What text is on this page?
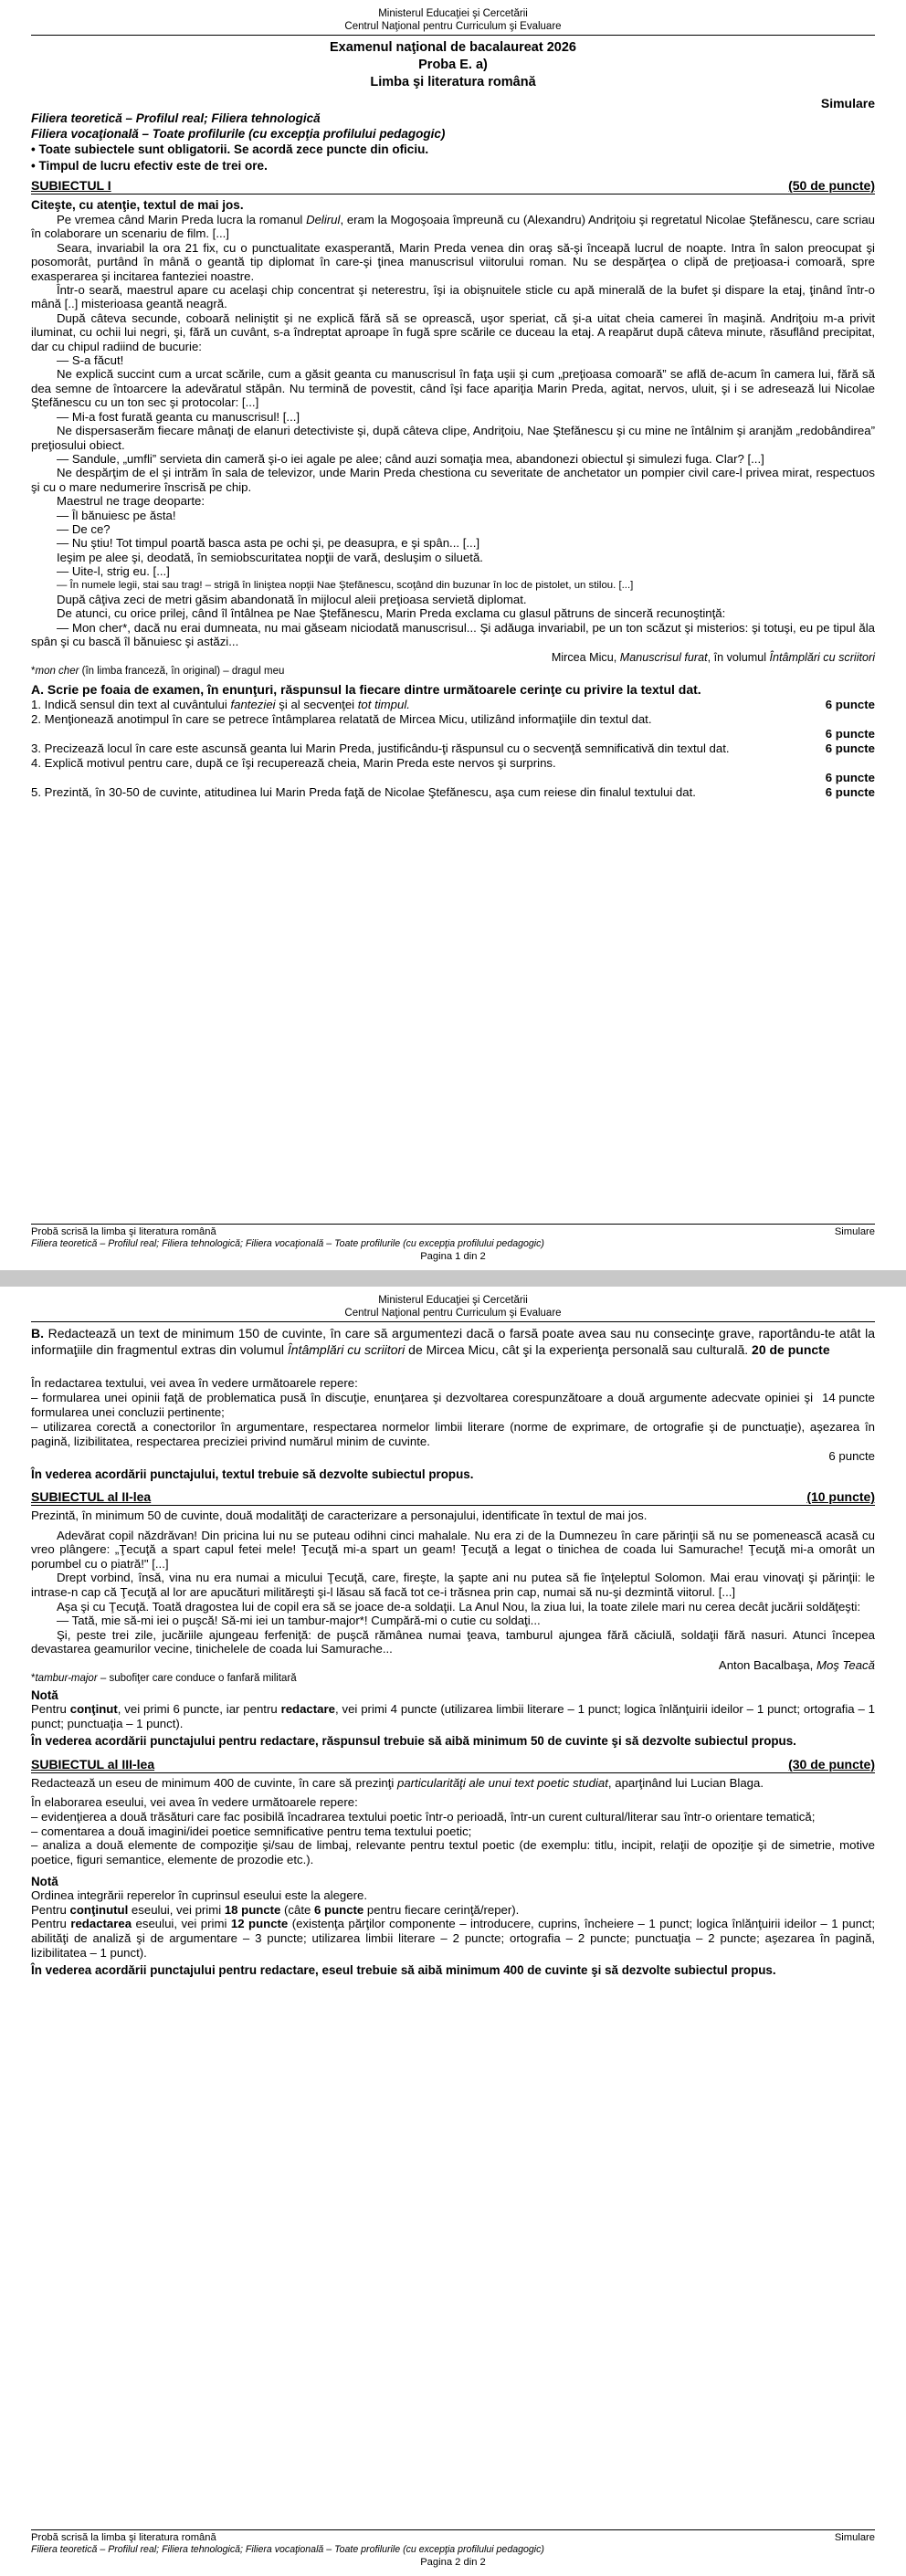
Ministerul Educaţiei şi Cercetării
Centrul Naţional pentru Curriculum şi Evaluare
Examenul naţional de bacalaureat 2026
Proba E. a)
Limba şi literatura română
Simulare
Filiera teoretică – Profilul real; Filiera tehnologică
Filiera vocaţională – Toate profilurile (cu excepţia profilului pedagogic)
• Toate subiectele sunt obligatorii. Se acordă zece puncte din oficiu.
• Timpul de lucru efectiv este de trei ore.
SUBIECTUL I	(50 de puncte)
Citeşte, cu atenţie, textul de mai jos.

Pe vremea când Marin Preda lucra la romanul Delirul, eram la Mogoşoaia împreună cu (Alexandru) Andriţoiu şi regretatul Nicolae Ştefănescu, care scriau în colaborare un scenariu de film. [...]

Seara, invariabil la ora 21 fix, cu o punctualitate exasperantă, Marin Preda venea din oraş să-şi înceapă lucrul de noapte. Intra în salon preocupat şi posomorât, purtând în mână o geantă tip diplomat în care-şi ţinea manuscrisul viitorului roman. Nu se despărţea o clipă de preţioasa-i comoară, spre exasperarea şi incitarea fanteziei noastre.

Într-o seară, maestrul apare cu acelaşi chip concentrat şi neterestru, îşi ia obişnuitele sticle cu apă minerală de la bufet şi dispare la etaj, ţinând într-o mână [..] misterioasa geantă neagră.

După câteva secunde, coboară neliniştit şi ne explică fără să se oprească, uşor speriat, că şi-a uitat cheia camerei în maşină. Andriţoiu m-a privit iluminat, cu ochii lui negri, şi, fără un cuvânt, s-a îndreptat aproape în fugă spre scările ce duceau la etaj. A reapărut după câteva minute, răsuflând precipitat, dar cu chipul radiind de bucurie:

— S-a făcut!

Ne explică succint cum a urcat scările, cum a găsit geanta cu manuscrisul în faţa uşii şi cum „preţioasa comoară” se află de-acum în camera lui, fără să dea semne de întoarcere la adevăratul stăpân. Nu termină de povestit, când îşi face apariţia Marin Preda, agitat, nervos, uluit, şi i se adresează lui Nicolae Ştefănescu cu un ton sec şi protocolar: [...]

— Mi-a fost furată geanta cu manuscrisul! [...]

Ne dispersaserăm fiecare mânaţi de elanuri detectiviste şi, după câteva clipe, Andriţoiu, Nae Ştefănescu şi cu mine ne întâlnim şi aranjăm „redobândirea” preţiosului obiect.

— Sandule, „umfli” servieta din cameră şi-o iei agale pe alee; când auzi somaţia mea, abandonezi obiectul şi simulezi fuga. Clar? [...]

Ne despărţim de el şi intrăm în sala de televizor, unde Marin Preda chestiona cu severitate de anchetator un pompier civil care-l privea mirat, respectuos şi cu o mare nedumerire înscrisă pe chip.

Maestrul ne trage deoparte:

— Îl bănuiesc pe ăsta!

— De ce?

— Nu ştiu! Tot timpul poartă basca asta pe ochi şi, pe deasupra, e şi spân... [...]

Ieşim pe alee şi, deodată, în semiobscuritatea nopţii de vară, desluşim o siluetă.

— Uite-l, strig eu. [...]

— În numele legii, stai sau trag! – strigă în liniştea nopţii Nae Ştefănescu, scoţând din buzunar în loc de pistolet, un stilou. [...]

După câţiva zeci de metri găsim abandonată în mijlocul aleii preţioasa servietă diplomat.

De atunci, cu orice prilej, când îl întâlnea pe Nae Ştefănescu, Marin Preda exclama cu glasul pătruns de sinceră recunoştinţă:

— Mon cher*, dacă nu erai dumneata, nu mai găseam niciodată manuscrisul... Şi adăuga invariabil, pe un ton scăzut şi misterios: şi totuşi, eu pe tipul ăla spân şi cu bască îl bănuiesc şi astăzi...

Mircea Micu, Manuscrisul furat, în volumul Întâmplări cu scriitori
*mon cher (în limba franceză, în original) – dragul meu
A. Scrie pe foaia de examen, în enunţuri, răspunsul la fiecare dintre următoarele cerinţe cu privire la textul dat.

6 puncte
1. Indică sensul din text al cuvântului fanteziei şi al secvenţei tot timpul.

2. Menţionează anotimpul în care se petrece întâmplarea relatată de Mircea Micu, utilizând informaţiile din textul dat.

6 puncte

6 puncte
3. Precizează locul în care este ascunsă geanta lui Marin Preda, justificându-ţi răspunsul cu o secvenţă semnificativă din textul dat.

4. Explică motivul pentru care, după ce îşi recuperează cheia, Marin Preda este nervos şi surprins.

6 puncte

6 puncte
5. Prezintă, în 30-50 de cuvinte, atitudinea lui Marin Preda faţă de Nicolae Ştefănescu, aşa cum reiese din finalul textului dat.

Probă scrisă la limba şi literatura română	Simulare
Filiera teoretică – Profilul real; Filiera tehnologică; Filiera vocaţională – Toate profilurile (cu excepţia profilului pedagogic)
Pagina 1 din 2
Ministerul Educaţiei şi Cercetării
Centrul Naţional pentru Curriculum şi Evaluare

B. Redactează un text de minimum 150 de cuvinte, în care să argumentezi dacă o farsă poate avea sau nu consecinţe grave, raportându-te atât la informaţiile din fragmentul extras din volumul Întâmplări cu scriitori de Mircea Micu, cât şi la experienţa personală sau culturală. 20 de puncte

În redactarea textului, vei avea în vedere următoarele repere:

14 puncte
– formularea unei opinii faţă de problematica pusă în discuţie, enunţarea şi dezvoltarea corespunzătoare a două argumente adecvate opiniei şi formularea unei concluzii pertinente;

– utilizarea corectă a conectorilor în argumentare, respectarea normelor limbii literare (norme de exprimare, de ortografie şi de punctuaţie), aşezarea în pagină, lizibilitatea, respectarea preciziei privind numărul minim de cuvinte.

6 puncte
În vederea acordării punctajului, textul trebuie să dezvolte subiectul propus.
SUBIECTUL al II-lea	(10 puncte)
Prezintă, în minimum 50 de cuvinte, două modalităţi de caracterizare a personajului, identificate în textul de mai jos.

Adevărat copil năzdrăvan! Din pricina lui nu se puteau odihni cinci mahalale. Nu era zi de la Dumnezeu în care părinţii să nu se pomenească acasă cu vreo plângere: „Ţecuţă a spart capul fetei mele! Ţecuţă mi-a spart un geam! Ţecuţă a legat o tinichea de coada lui Samurache! Ţecuţă mi-a omorât un porumbel cu o piatră!" [...]

Drept vorbind, însă, vina nu era numai a micului Ţecuţă, care, fireşte, la şapte ani nu putea să fie înţeleptul Solomon. Mai erau vinovaţi şi părinţii: le intrase-n cap că Ţecuţă al lor are apucături milităreşti şi-l lăsau să facă tot ce-i trăsnea prin cap, numai să nu-şi dezmintă viitorul. [...]

Aşa şi cu Ţecuţă. Toată dragostea lui de copil era să se joace de-a soldaţii. La Anul Nou, la ziua lui, la toate zilele mari nu cerea decât jucării soldăţeşti:

— Tată, mie să-mi iei o puşcă! Să-mi iei un tambur-major*! Cumpără-mi o cutie cu soldaţi...

Şi, peste trei zile, jucăriile ajungeau ferfeniţă: de puşcă rămânea numai ţeava, tamburul ajungea fără căciulă, soldaţii fără nasuri. Atunci începea devastarea geamurilor vecine, tinichelele de coada lui Samurache...

Anton Bacalbaşa, Moş Teacă
*tambur-major – subofiţer care conduce o fanfară militară
Notă
Pentru conţinut, vei primi 6 puncte, iar pentru redactare, vei primi 4 puncte (utilizarea limbii literare – 1 punct; logica înlănţuirii ideilor – 1 punct; ortografia – 1 punct; punctuaţia – 1 punct).
În vederea acordării punctajului pentru redactare, răspunsul trebuie să aibă minimum 50 de cuvinte şi să dezvolte subiectul propus.
SUBIECTUL al III-lea	(30 de puncte)
Redactează un eseu de minimum 400 de cuvinte, în care să prezinţi particularităţi ale unui text poetic studiat, aparţinând lui Lucian Blaga.
În elaborarea eseului, vei avea în vedere următoarele repere:
– evidenţierea a două trăsături care fac posibilă încadrarea textului poetic într-o perioadă, într-un curent cultural/literar sau într-o orientare tematică;
– comentarea a două imagini/idei poetice semnificative pentru tema textului poetic;
– analiza a două elemente de compoziţie şi/sau de limbaj, relevante pentru textul poetic (de exemplu: titlu, incipit, relaţii de opoziţie şi de simetrie, motive poetice, figuri semantice, elemente de prozodie etc.).
Notă
Ordinea integrării reperelor în cuprinsul eseului este la alegere.
Pentru conţinutul eseului, vei primi 18 puncte (câte 6 puncte pentru fiecare cerinţă/reper).
Pentru redactarea eseului, vei primi 12 puncte (existenţa părţilor componente – introducere, cuprins, încheiere – 1 punct; logica înlănţuirii ideilor – 1 punct; abilităţi de analiză şi de argumentare – 3 puncte; utilizarea limbii literare – 2 puncte; ortografia – 2 puncte; punctuaţia – 2 puncte; aşezarea în pagină, lizibilitatea – 1 punct).
În vederea acordării punctajului pentru redactare, eseul trebuie să aibă minimum 400 de cuvinte şi să dezvolte subiectul propus.
Probă scrisă la limba şi literatura română	Simulare
Filiera teoretică – Profilul real; Filiera tehnologică; Filiera vocaţională – Toate profilurile (cu excepţia profilului pedagogic)
Pagina 2 din 2
